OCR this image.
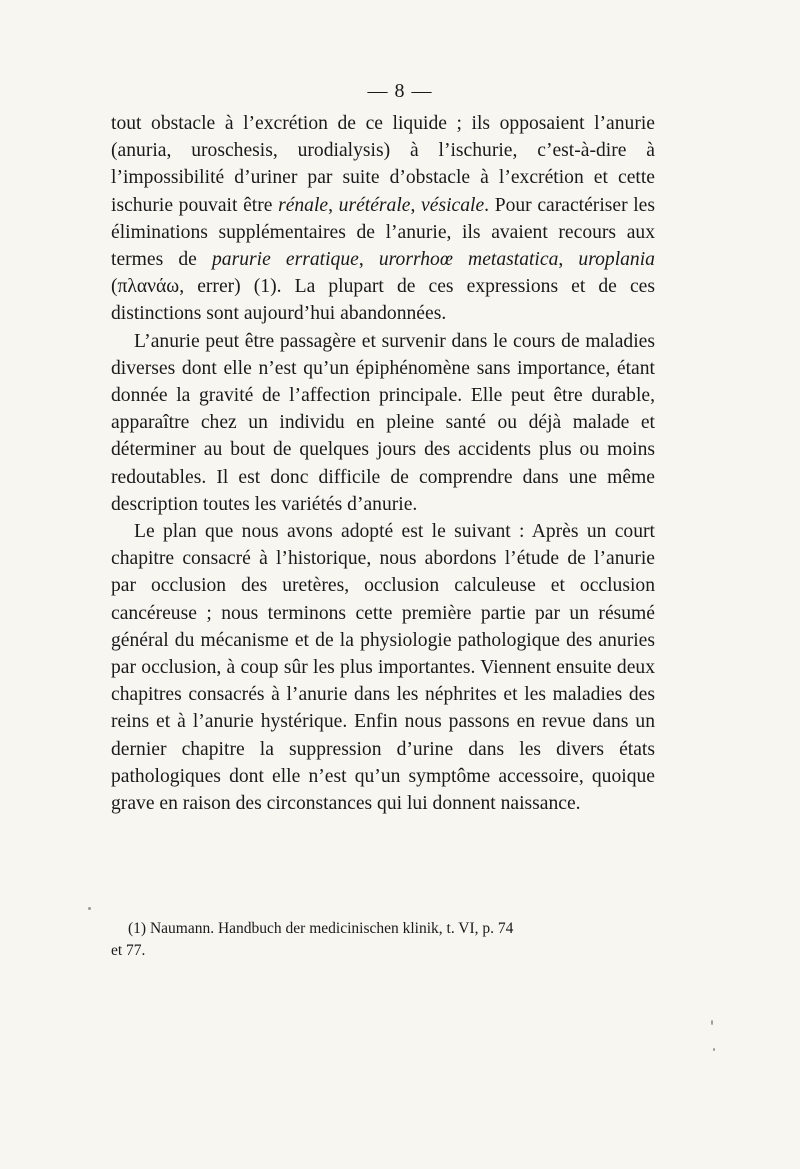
— 8 —

tout obstacle à l’excrétion de ce liquide ; ils opposaient l’anurie (anuria, uroschesis, urodialysis) à l’ischurie, c’est-à-dire à l’impossibilité d’uriner par suite d’obstacle à l’excrétion et cette ischurie pouvait être rénale, urétérale, vésicale. Pour caractériser les éliminations supplémentaires de l’anurie, ils avaient recours aux termes de parurie erratique, urorrhoœ metastatica, uroplania (πλανάω, errer) (1). La plupart de ces expressions et de ces distinctions sont aujourd’hui abandonnées.

L’anurie peut être passagère et survenir dans le cours de maladies diverses dont elle n’est qu’un épiphénomène sans importance, étant donnée la gravité de l’affection principale. Elle peut être durable, apparaître chez un individu en pleine santé ou déjà malade et déterminer au bout de quelques jours des accidents plus ou moins redoutables. Il est donc difficile de comprendre dans une même description toutes les variétés d’anurie.

Le plan que nous avons adopté est le suivant : Après un court chapitre consacré à l’historique, nous abordons l’étude de l’anurie par occlusion des uretères, occlusion calculeuse et occlusion cancéreuse ; nous terminons cette première partie par un résumé général du mécanisme et de la physiologie pathologique des anuries par occlusion, à coup sûr les plus importantes. Viennent ensuite deux chapitres consacrés à l’anurie dans les néphrites et les maladies des reins et à l’anurie hystérique. Enfin nous passons en revue dans un dernier chapitre la suppression d’urine dans les divers états pathologiques dont elle n’est qu’un symptôme accessoire, quoique grave en raison des circonstances qui lui donnent naissance.

(1) Naumann. Handbuch der medicinischen klinik, t. VI, p. 74
et 77.
